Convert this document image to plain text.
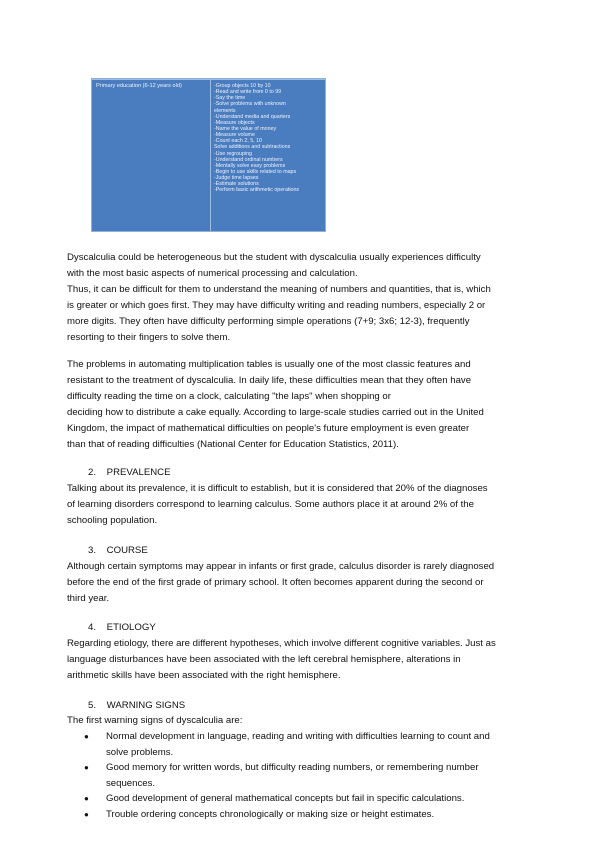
Primary education (6-12 years old)	-Group objects 10 by 10
-Read and write from 0 to 99
-Say the time
-Solve problems with unknown
elements
-Understand media and quarters
-Measure objects
-Name the value of money
-Measure volume
-Count each 2, 5, 10
Solve additions and subtractions
-Use regrouping
-Understand ordinal numbers
-Mentally solve easy problems
-Begin to use skills related to maps
-Judge time lapses
-Estimate solutions
-Perform basic arithmetic operations
Dyscalculia could be heterogeneous but the student with dyscalculia usually experiences difficulty
with the most basic aspects of numerical processing and calculation.
Thus, it can be difficult for them to understand the meaning of numbers and quantities, that is, which
is greater or which goes first. They may have difficulty writing and reading numbers, especially 2 or
more digits. They often have difficulty performing simple operations (7+9; 3x6; 12-3), frequently
resorting to their fingers to solve them.
The problems in automating multiplication tables is usually one of the most classic features and
resistant to the treatment of dyscalculia. In daily life, these difficulties mean that they often have
difficulty reading the time on a clock, calculating "the laps" when shopping or
deciding how to distribute a cake equally. According to large-scale studies carried out in the United
Kingdom, the impact of mathematical difficulties on people's future employment is even greater
than that of reading difficulties (National Center for Education Statistics, 2011).
2. PREVALENCE
Talking about its prevalence, it is difficult to establish, but it is considered that 20% of the diagnoses
of learning disorders correspond to learning calculus. Some authors place it at around 2% of the
schooling population.
3. COURSE
Although certain symptoms may appear in infants or first grade, calculus disorder is rarely diagnosed
before the end of the first grade of primary school. It often becomes apparent during the second or
third year.
4. ETIOLOGY
Regarding etiology, there are different hypotheses, which involve different cognitive variables. Just as
language disturbances have been associated with the left cerebral hemisphere, alterations in
arithmetic skills have been associated with the right hemisphere.
5. WARNING SIGNS
The first warning signs of dyscalculia are:
●	Normal development in language, reading and writing with difficulties learning to count and
solve problems.
●	Good memory for written words, but difficulty reading numbers, or remembering number
sequences.
●	Good development of general mathematical concepts but fail in specific calculations.
●	Trouble ordering concepts chronologically or making size or height estimates.
